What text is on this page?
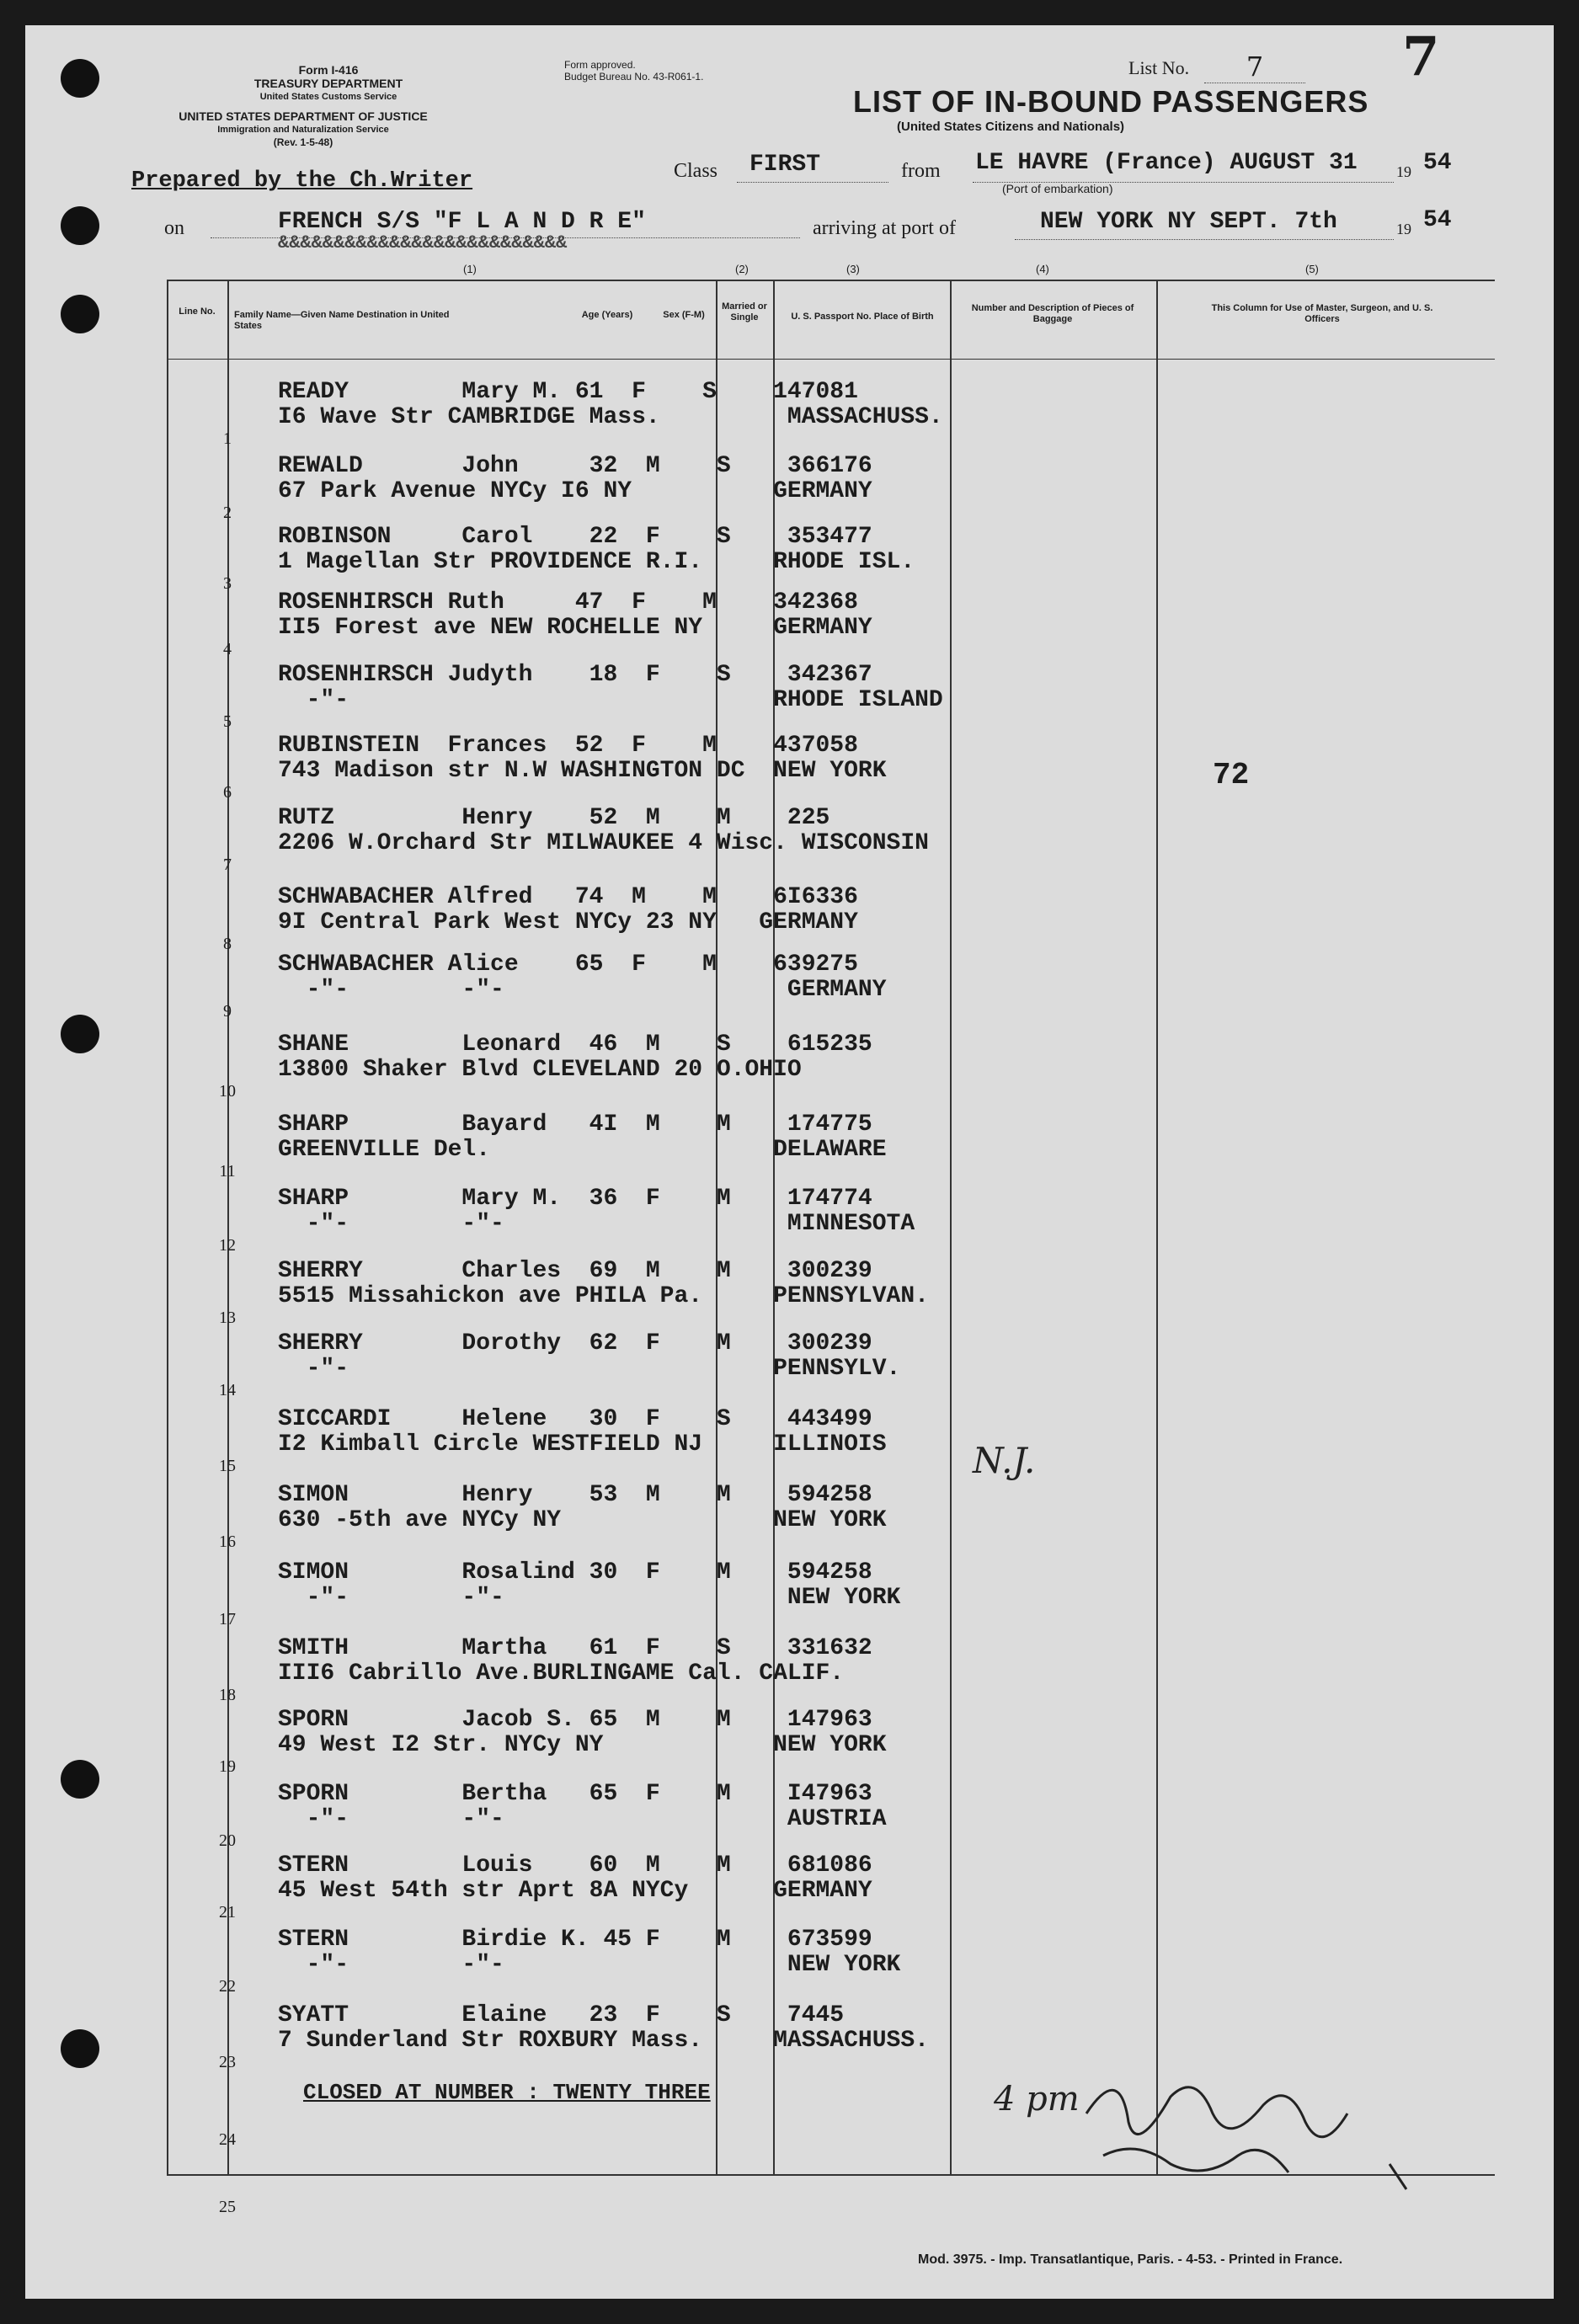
Form I-416
TREASURY DEPARTMENT
United States Customs Service
UNITED STATES DEPARTMENT OF JUSTICE
Immigration and Naturalization Service
(Rev. 1-5-48)
Form approved.
Budget Bureau No. 43-R061-1.	List No.	7	7
LIST OF IN-BOUND PASSENGERS
(United States Citizens and Nationals)
Prepared by the Ch.Writer	Class FIRST	from LE HAVRE (France) AUGUST 31	19 54
(Port of embarkation)
on	FRENCH S/S "F L A N D R E"
&&&&&&&&&&&&&&&&&&&&&&&&&&
arriving at port of	NEW YORK NY SEPT. 7th	19 54
(1)	(2)	(3)	(4)	(5)
Line No.	Family Name—Given Name Destination in United States
Age (Years)	Sex (F-M)
Married or Single	U. S. Passport No. Place of Birth
Number and Description of Pieces of Baggage
This Column for Use of Master, Surgeon, and U. S. Officers
1
READY        Mary M. 61  F    S    147081
I6 Wave Str CAMBRIDGE Mass.         MASSACHUSS.
2
REWALD       John     32  M    S    366176
67 Park Avenue NYCy I6 NY          GERMANY
3
ROBINSON     Carol    22  F    S    353477
1 Magellan Str PROVIDENCE R.I.     RHODE ISL.
4
ROSENHIRSCH Ruth     47  F    M    342368
II5 Forest ave NEW ROCHELLE NY     GERMANY
5
ROSENHIRSCH Judyth    18  F    S    342367
-"-                              RHODE ISLAND
6
RUBINSTEIN  Frances  52  F    M    437058
743 Madison str N.W WASHINGTON DC  NEW YORK
7
RUTZ         Henry    52  M    M    225
2206 W.Orchard Str MILWAUKEE 4 Wisc. WISCONSIN
8
SCHWABACHER Alfred   74  M    M    6I6336
9I Central Park West NYCy 23 NY   GERMANY
9
SCHWABACHER Alice    65  F    M    639275
-"-        -"-                    GERMANY
10
SHANE        Leonard  46  M    S    615235
13800 Shaker Blvd CLEVELAND 20 O.OHIO
11
SHARP        Bayard   4I  M    M    174775
GREENVILLE Del.                    DELAWARE
12
SHARP        Mary M.  36  F    M    174774
-"-        -"-                    MINNESOTA
13
SHERRY       Charles  69  M    M    300239
5515 Missahickon ave PHILA Pa.     PENNSYLVAN.
14
SHERRY       Dorothy  62  F    M    300239
-"-                              PENNSYLV.
15
SICCARDI     Helene   30  F    S    443499
I2 Kimball Circle WESTFIELD NJ     ILLINOIS
16
SIMON        Henry    53  M    M    594258
630 -5th ave NYCy NY               NEW YORK
17
SIMON        Rosalind 30  F    M    594258
-"-        -"-                    NEW YORK
18
SMITH        Martha   61  F    S    331632
III6 Cabrillo Ave.BURLINGAME Cal. CALIF.
19
SPORN        Jacob S. 65  M    M    147963
49 West I2 Str. NYCy NY            NEW YORK
20
SPORN        Bertha   65  F    M    I47963
-"-        -"-                    AUSTRIA
21
STERN        Louis    60  M    M    681086
45 West 54th str Aprt 8A NYCy      GERMANY
22
STERN        Birdie K. 45 F    M    673599
-"-        -"-                    NEW YORK
23
SYATT        Elaine   23  F    S    7445
7 Sunderland Str ROXBURY Mass.     MASSACHUSS.
24
CLOSED AT NUMBER : TWENTY THREE
25
72
N.J.
4 pm
Mod. 3975. - Imp. Transatlantique, Paris. - 4-53. - Printed in France.
